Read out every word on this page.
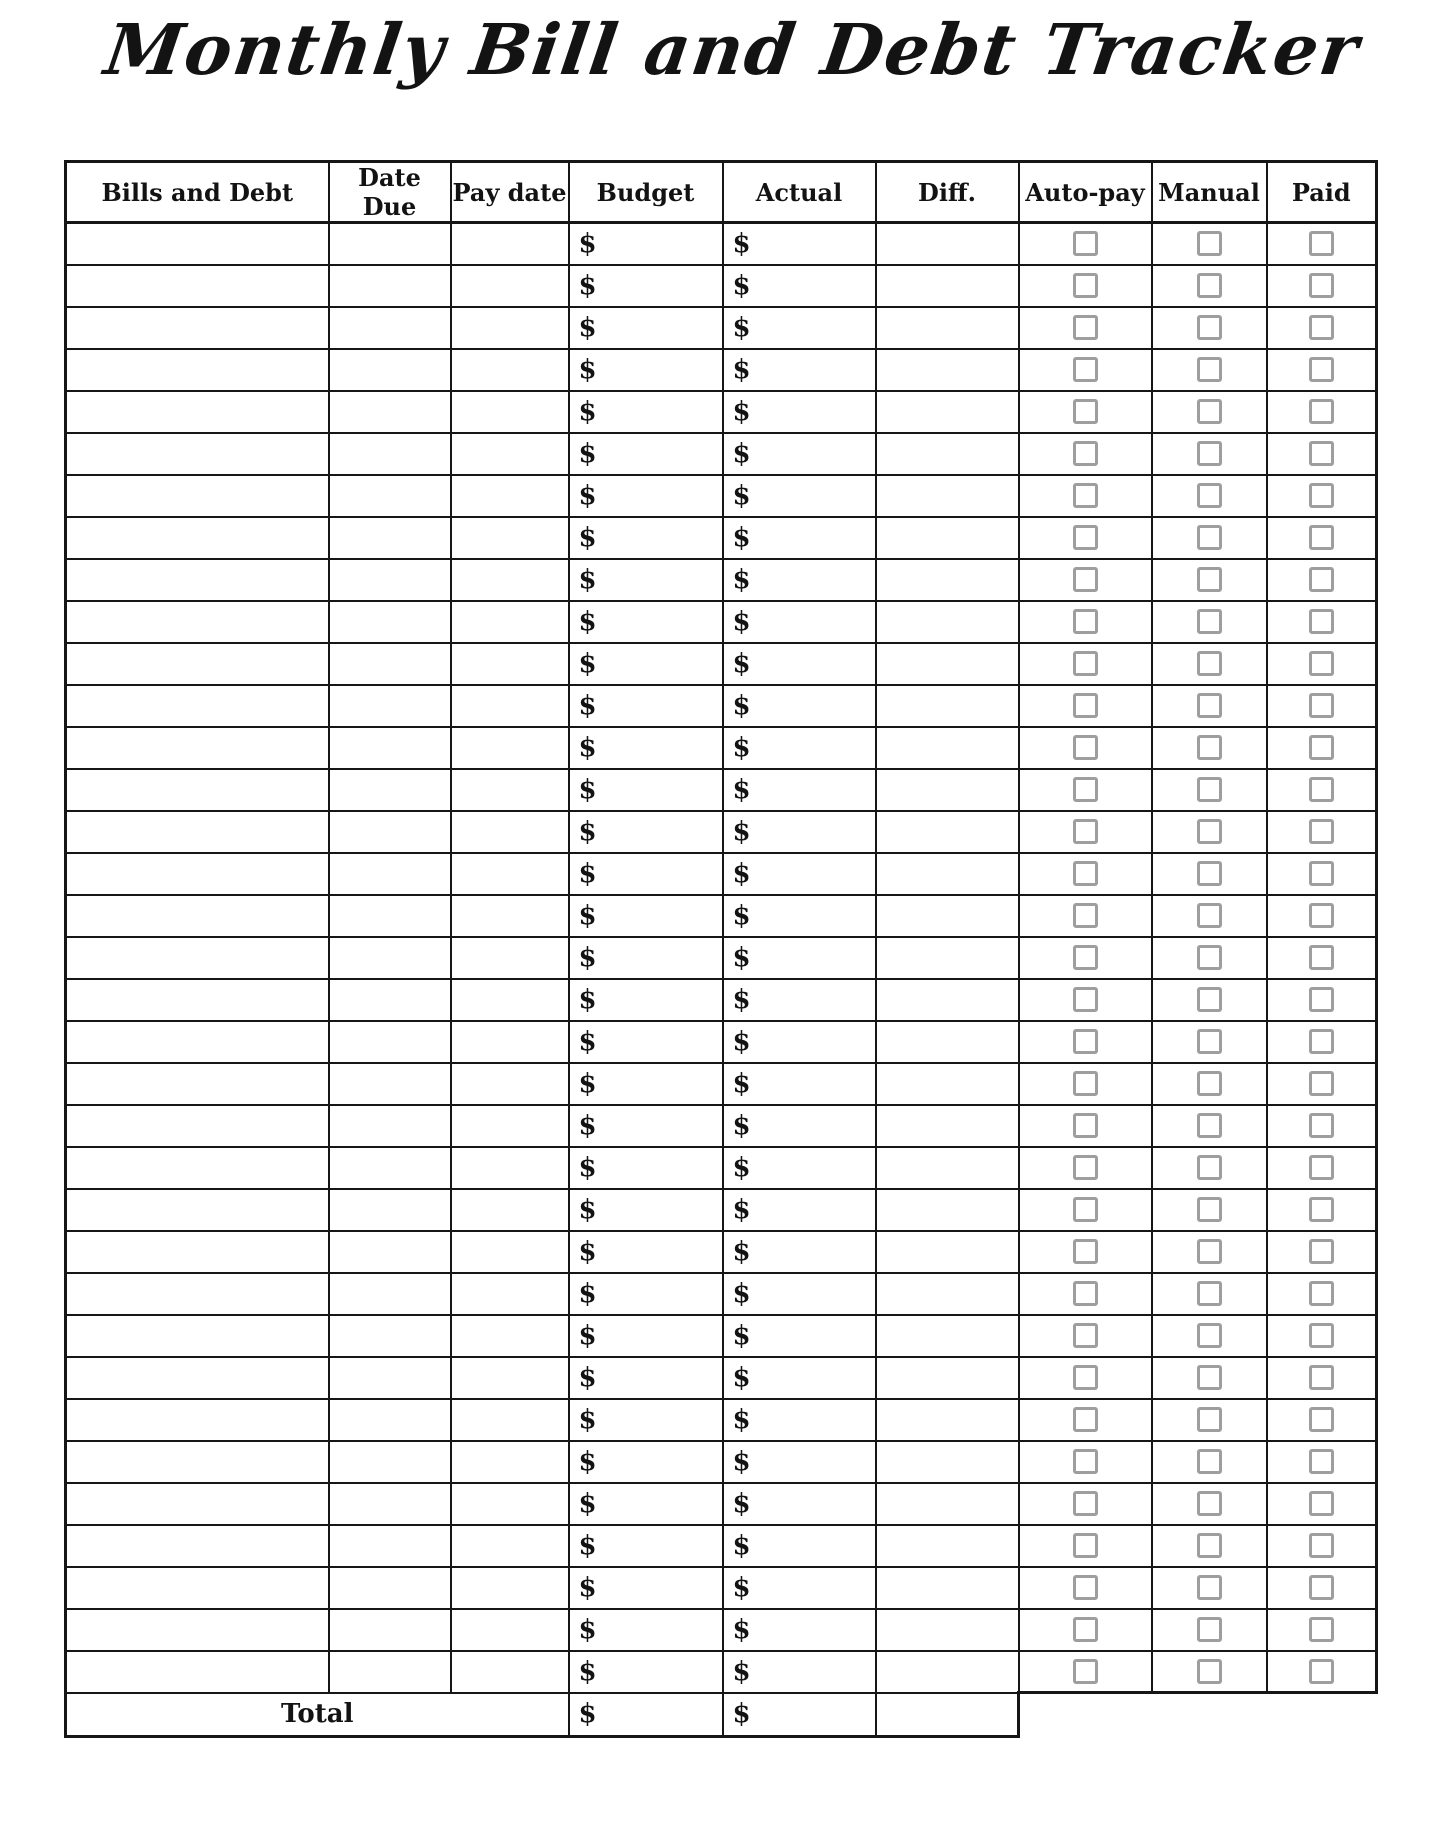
Monthly Bill and Debt Tracker
Bills and Debt	Date Due	Pay date	Budget	Actual	Diff.	Auto-pay	Manual	Paid
			$	$				
			$	$				
			$	$				
			$	$				
			$	$				
			$	$				
			$	$				
			$	$				
			$	$				
			$	$				
			$	$				
			$	$				
			$	$				
			$	$				
			$	$				
			$	$				
			$	$				
			$	$				
			$	$				
			$	$				
			$	$				
			$	$				
			$	$				
			$	$				
			$	$				
			$	$				
			$	$				
			$	$				
			$	$				
			$	$				
			$	$				
			$	$				
			$	$				
			$	$				
			$	$				
Total			$	$				
